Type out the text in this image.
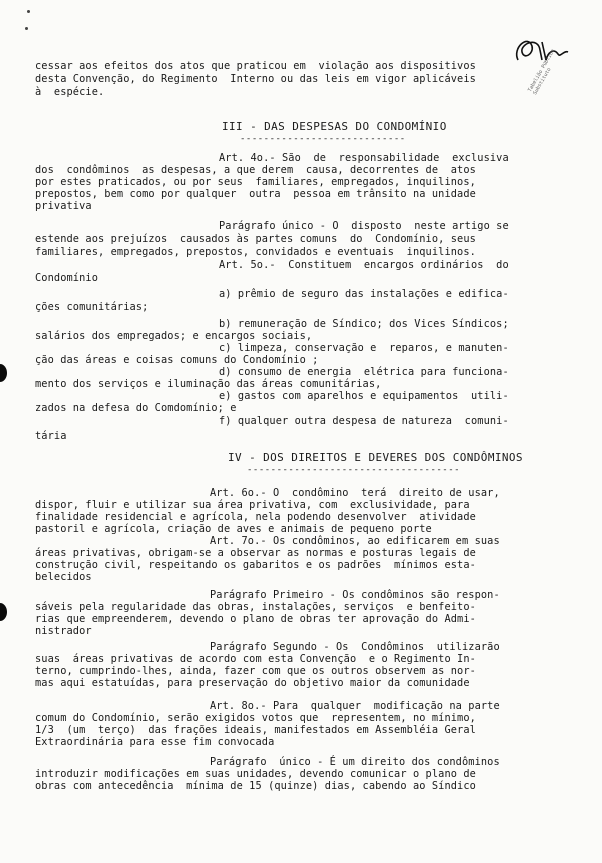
Tabelião Público
Substituto
cessar aos efeitos dos atos que praticou em  violação aos dispositivos
desta Convenção, do Regimento  Interno ou das leis em vigor aplicáveis
à  espécie.
III - DAS DESPESAS DO CONDOMÍNIO
----------------------------
Art. 4o.- São  de  responsabilidade  exclusiva
dos  condôminos  as despesas, a que derem  causa, decorrentes de  atos
por estes praticados, ou por seus  familiares, empregados, inquilinos,
prepostos, bem como por qualquer  outra  pessoa em trânsito na unidade
privativa
Parágrafo único - O  disposto  neste artigo se
estende aos prejuízos  causados às partes comuns  do  Condomínio, seus
familiares, empregados, prepostos, convidados e eventuais  inquilinos.
Art. 5o.-  Constituem  encargos ordinários  do
Condomínio
a) prêmio de seguro das instalações e edifica-
ções comunitárias;
b) remuneração de Síndico; dos Vices Síndicos;
salários dos empregados; e encargos sociais,
c) limpeza, conservação e  reparos, e manuten-
ção das áreas e coisas comuns do Condomínio ;
d) consumo de energia  elétrica para funciona-
mento dos serviços e iluminação das áreas comunitárias,
e) gastos com aparelhos e equipamentos  utili-
zados na defesa do Comdomínio; e
f) qualquer outra despesa de natureza  comuni-
tária
IV - DOS DIREITOS E DEVERES DOS CONDÔMINOS
------------------------------------
Art. 6o.- O  condômino  terá  direito de usar,
dispor, fluir e utilizar sua área privativa, com  exclusividade, para
finalidade residencial e agrícola, nela podendo desenvolver  atividade
pastoril e agrícola, criação de aves e animais de pequeno porte
Art. 7o.- Os condôminos, ao edificarem em suas
áreas privativas, obrigam-se a observar as normas e posturas legais de
construção civil, respeitando os gabaritos e os padrões  mínimos esta-
belecidos
Parágrafo Primeiro - Os condôminos são respon-
sáveis pela regularidade das obras, instalações, serviços  e benfeito-
rias que empreenderem, devendo o plano de obras ter aprovação do Admi-
nistrador
Parágrafo Segundo - Os  Condôminos  utilizarão
suas  áreas privativas de acordo com esta Convenção  e o Regimento In-
terno, cumprindo-lhes, ainda, fazer com que os outros observem as nor-
mas aqui estatuídas, para preservação do objetivo maior da comunidade
Art. 8o.- Para  qualquer  modificação na parte
comum do Condomínio, serão exigidos votos que  representem, no mínimo,
1/3  (um  terço)  das frações ideais, manifestados em Assembléia Geral
Extraordinária para esse fim convocada
Parágrafo  único - É um direito dos condôminos
introduzir modificações em suas unidades, devendo comunicar o plano de
obras com antecedência  mínima de 15 (quinze) dias, cabendo ao Síndico
